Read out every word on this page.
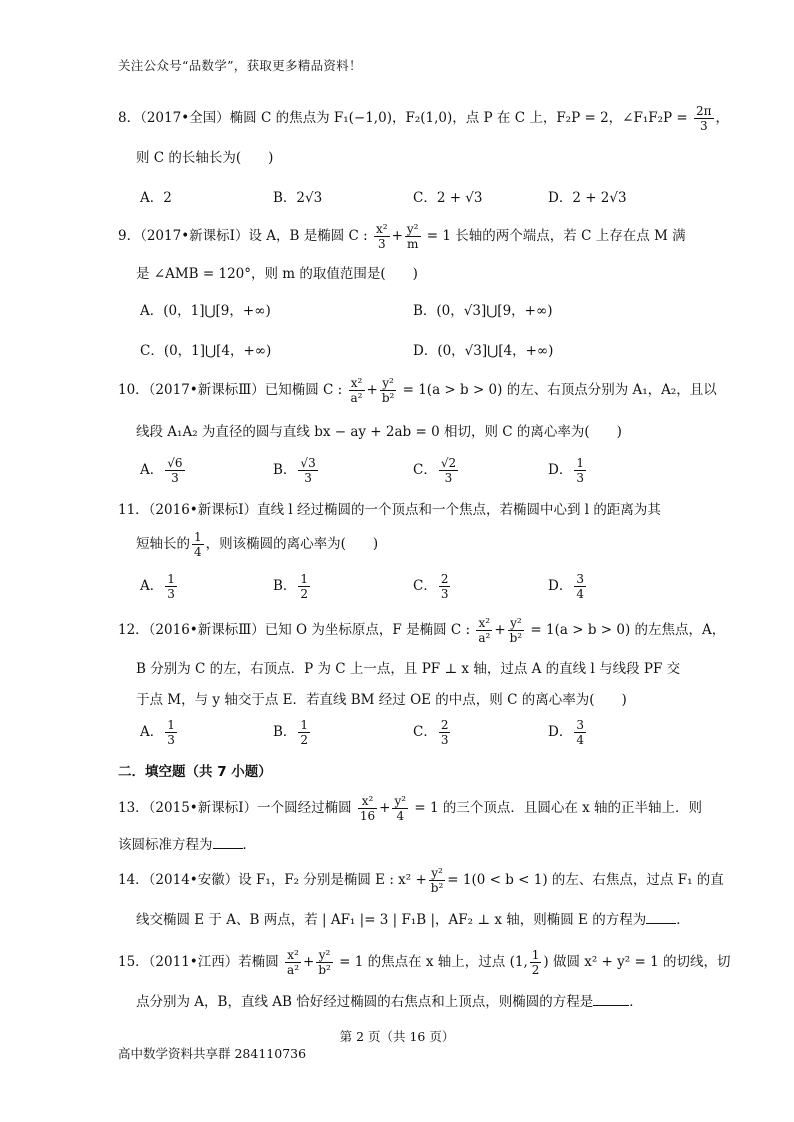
关注公众号“品数学”，获取更多精品资料！
8．（2017•全国）椭圆 C 的焦点为 F₁(−1,0)，F₂(1,0)，点 P 在 C 上，F₂P = 2，∠F₁F₂P = $\frac{2\pi}{3}$ ，
则 C 的长轴长为(　　)
A．2	B．2√3	C．2 + √3	D．2 + 2√3
9．（2017•新课标Ⅰ）设 A，B 是椭圆 C : $\frac{\text{x²}}{3} + \frac{\text{y²}}{m} = 1$ 长轴的两个端点，若 C 上存在点 M 满
是 ∠AMB = 120°，则 m 的取值范围是(　　)
A．(0，1]⋃[9，+∞)	B．(0，√3]⋃[9，+∞)
C．(0，1]⋃[4，+∞)	D．(0，√3]⋃[4，+∞)
10．（2017•新课标Ⅲ）已知椭圆 C : $\frac{\text{x²}}{\text{a²}} + \frac{\text{y²}}{\text{b²}} = 1(a > b > 0)$ 的左、右顶点分别为 A₁，A₂，且以
线段 A₁A₂ 为直径的圆与直线 bx − ay + 2ab = 0 相切，则 C 的离心率为(　　)
A． $\frac{√6}{3}$	B． $\frac{√3}{3}$	C． $\frac{√2}{3}$	D． $\frac{1}{3}$
11．（2016•新课标Ⅰ）直线 l 经过椭圆的一个顶点和一个焦点，若椭圆中心到 l 的距离为其
短轴长的 $\frac{1}{4}$ ，则该椭圆的离心率为(　　)
A． $\frac{1}{3}$	B． $\frac{1}{2}$	C． $\frac{2}{3}$	D． $\frac{3}{4}$
12．（2016•新课标Ⅲ）已知 O 为坐标原点，F 是椭圆 C : $\frac{\text{x²}}{\text{a²}} + \frac{\text{y²}}{\text{b²}} = 1(a > b > 0)$ 的左焦点，A，
B 分别为 C 的左，右顶点．P 为 C 上一点，且 PF ⊥ x 轴，过点 A 的直线 l 与线段 PF 交
于点 M，与 y 轴交于点 E．若直线 BM 经过 OE 的中点，则 C 的离心率为(　　)
A． $\frac{1}{3}$	B． $\frac{1}{2}$	C． $\frac{2}{3}$	D． $\frac{3}{4}$
二．填空题（共 7 小题）
13．（2015•新课标Ⅰ）一个圆经过椭圆 $\frac{\text{x²}}{16} + \frac{\text{y²}}{4} = 1$ 的三个顶点．且圆心在 x 轴的正半轴上．则
该圆标准方程为 ．
14．（2014•安徽）设 F₁，F₂ 分别是椭圆 E : $x^2 + \frac{\text{y²}}{\text{b²}} = 1(0 < b < 1)$ 的左、右焦点，过点 F₁ 的直
线交椭圆 E 于 A、B 两点，若 | AF₁ |= 3 | F₁B |，AF₂ ⊥ x 轴，则椭圆 E 的方程为 ．
15．（2011•江西）若椭圆 $\frac{\text{x²}}{\text{a²}} + \frac{\text{y²}}{\text{b²}} = 1$ 的焦点在 x 轴上，过点 (1, $\frac{1}{2}$ ) 做圆 x² + y² = 1 的切线，切
点分别为 A，B，直线 AB 恰好经过椭圆的右焦点和上顶点，则椭圆的方程是	．
第 2 页（共 16 页）
高中数学资料共享群 284110736
